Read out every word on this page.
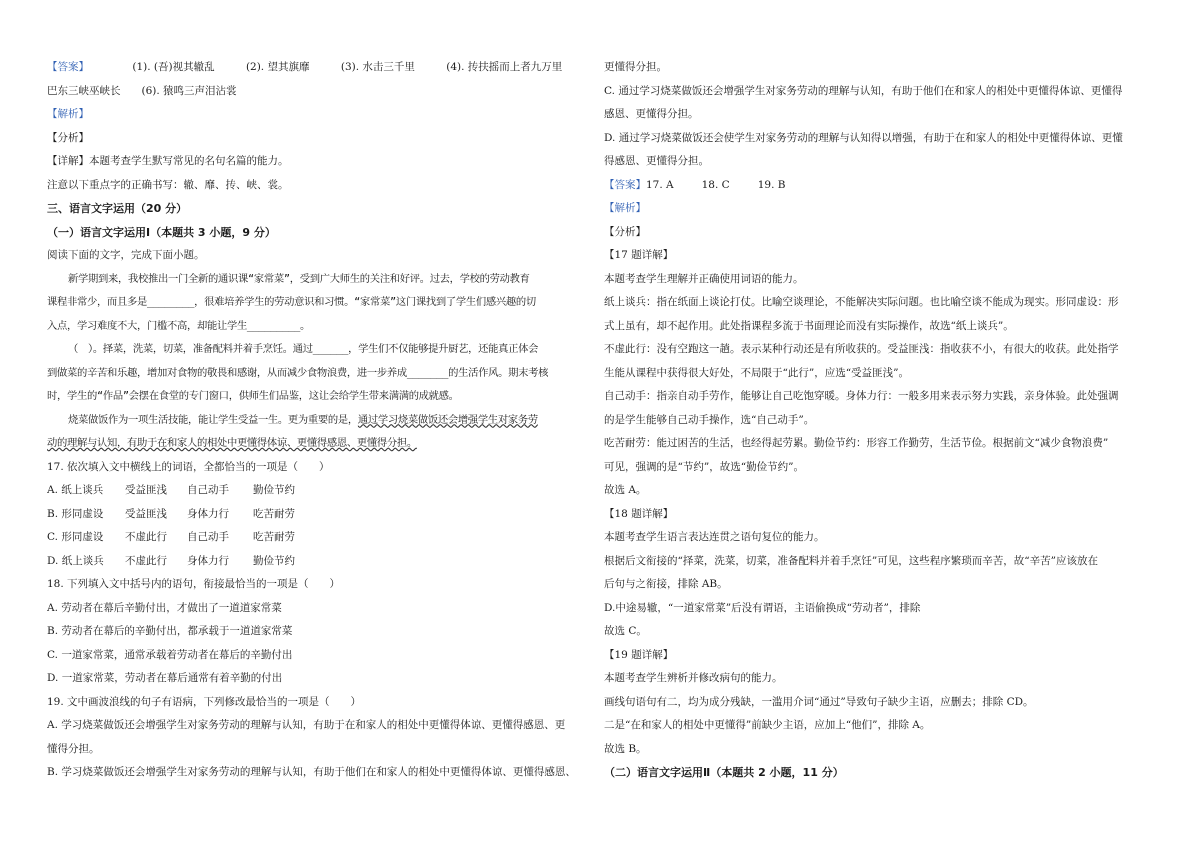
【答案】	(1). (吾)视其辙乱	(2). 望其旗靡	(3). 水击三千里	(4). 抟扶摇而上者九万里
巴东三峡巫峡长　　(6). 猿鸣三声泪沾裳
【解析】
【分析】
【详解】本题考查学生默写常见的名句名篇的能力。
注意以下重点字的正确书写：辙、靡、抟、峡、裳。
三、语言文字运用（20 分）
（一）语言文字运用Ⅰ（本题共 3 小题，9 分）
阅读下面的文字，完成下面小题。
新学期到来，我校推出一门全新的通识课“家常菜”，受到广大师生的关注和好评。过去，学校的劳动教育
课程非常少，而且多是________，很难培养学生的劳动意识和习惯。“家常菜”这门课找到了学生们感兴趣的切
入点，学习难度不大，门槛不高，却能让学生_________。
（　）。择菜，洗菜，切菜，准备配料并着手烹饪。通过______，学生们不仅能够提升厨艺，还能真正体会
到做菜的辛苦和乐趣，增加对食物的敬畏和感谢，从而减少食物浪费，进一步养成_______的生活作风。期末考核
时，学生的“作品”会摆在食堂的专门窗口，供师生们品鉴，这让会给学生带来满满的成就感。
烧菜做饭作为一项生活技能，能让学生受益一生。更为重要的是，通过学习烧菜做饭还会增强学生对家务劳
动的理解与认知，有助于在和家人的相处中更懂得体谅、更懂得感恩、更懂得分担。
17. 依次填入文中横线上的词语，全都恰当的一项是（　　）
A. 纸上谈兵 受益匪浅 自己动手 勤俭节约
B. 形同虚设 受益匪浅 身体力行 吃苦耐劳
C. 形同虚设 不虚此行 自己动手 吃苦耐劳
D. 纸上谈兵 不虚此行 身体力行 勤俭节约
18. 下列填入文中括号内的语句，衔接最恰当的一项是（　　）
A. 劳动者在幕后辛勤付出，才做出了一道道家常菜
B. 劳动者在幕后的辛勤付出，都承载于一道道家常菜
C. 一道家常菜，通常承载着劳动者在幕后的辛勤付出
D. 一道家常菜，劳动者在幕后通常有着辛勤的付出
19. 文中画波浪线的句子有语病，下列修改最恰当的一项是（　　）
A. 学习烧菜做饭还会增强学生对家务劳动的理解与认知，有助于在和家人的相处中更懂得体谅、更懂得感恩、更
懂得分担。
B. 学习烧菜做饭还会增强学生对家务劳动的理解与认知，有助于他们在和家人的相处中更懂得体谅、更懂得感恩、
更懂得分担。
C. 通过学习烧菜做饭还会增强学生对家务劳动的理解与认知，有助于他们在和家人的相处中更懂得体谅、更懂得
感恩、更懂得分担。
D. 通过学习烧菜做饭还会使学生对家务劳动的理解与认知得以增强，有助于在和家人的相处中更懂得体谅、更懂
得感恩、更懂得分担。
【答案】17. A	18. C	19. B
【解析】
【分析】
【17 题详解】
本题考查学生理解并正确使用词语的能力。
纸上谈兵：指在纸面上谈论打仗。比喻空谈理论，不能解决实际问题。也比喻空谈不能成为现实。形同虚设：形
式上虽有，却不起作用。此处指课程多流于书面理论而没有实际操作，故选“纸上谈兵”。
不虚此行：没有空跑这一趟。表示某种行动还是有所收获的。受益匪浅：指收获不小，有很大的收获。此处指学
生能从课程中获得很大好处，不局限于“此行”，应选“受益匪浅”。
自己动手：指亲自动手劳作，能够让自己吃饱穿暖。身体力行：一般多用来表示努力实践，亲身体验。此处强调
的是学生能够自己动手操作，选“自己动手”。
吃苦耐劳：能过困苦的生活，也经得起劳累。勤俭节约：形容工作勤劳，生活节俭。根据前文“减少食物浪费”
可见，强调的是“节约”，故选“勤俭节约”。
故选 A。
【18 题详解】
本题考查学生语言表达连贯之语句复位的能力。
根据后文衔接的“择菜，洗菜，切菜，准备配料并着手烹饪”可见，这些程序繁琐而辛苦，故“辛苦”应该放在
后句与之衔接，排除 AB。
D.中途易辙，“一道家常菜”后没有谓语，主语偷换成“劳动者”，排除
故选 C。
【19 题详解】
本题考查学生辨析并修改病句的能力。
画线句语句有二，均为成分残缺，一滥用介词“通过”导致句子缺少主语，应删去；排除 CD。
二是“在和家人的相处中更懂得”前缺少主语，应加上“他们”，排除 A。
故选 B。
（二）语言文字运用Ⅱ（本题共 2 小题，11 分）
